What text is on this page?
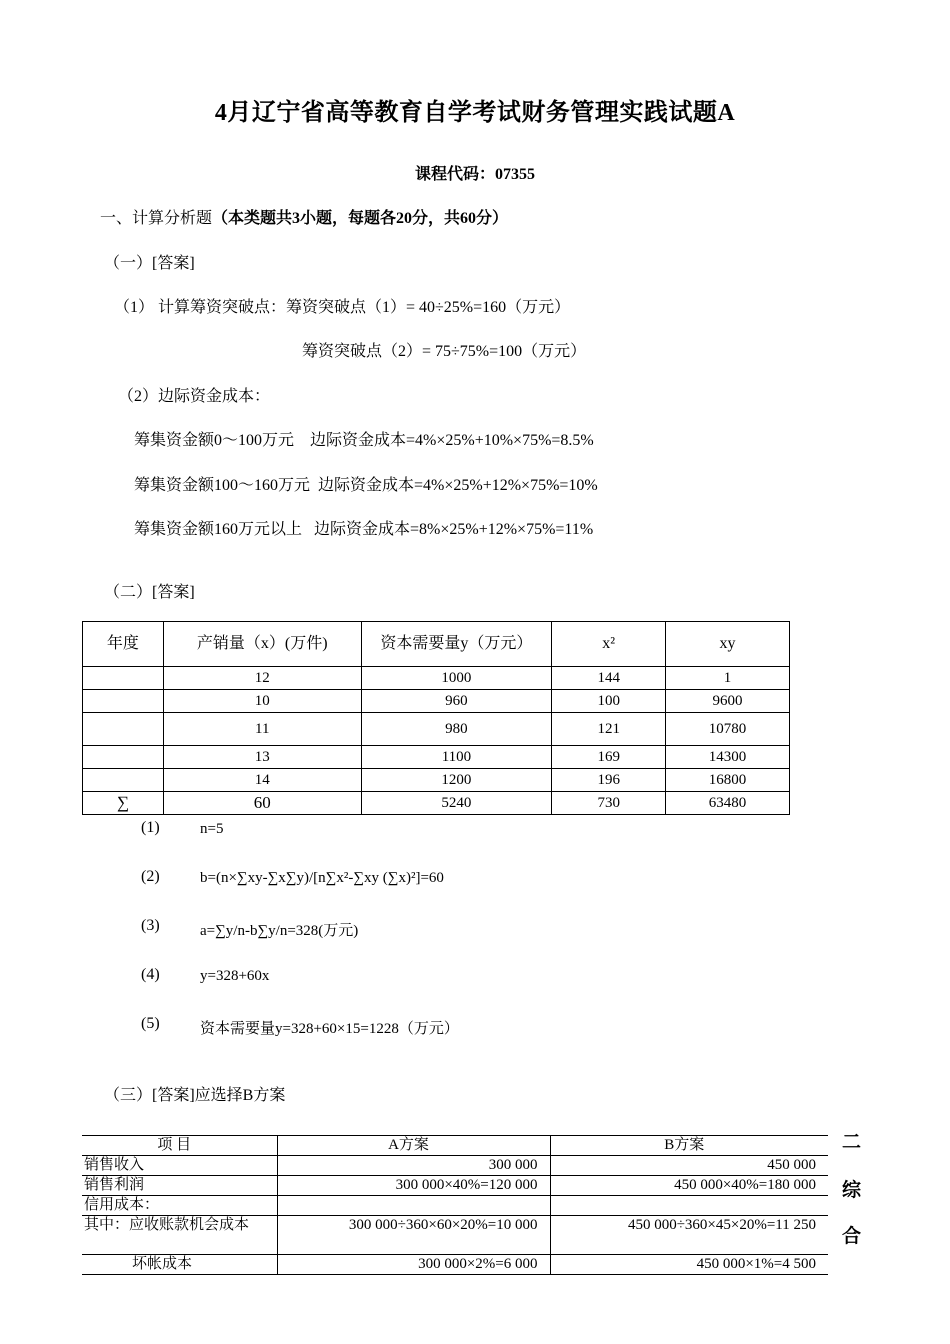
4月辽宁省高等教育自学考试财务管理实践试题A
课程代码：07355
一、计算分析题（本类题共3小题，每题各20分，共60分）
（一）[答案]
（1） 计算筹资突破点：筹资突破点（1）= 40÷25%=160（万元）
筹资突破点（2）= 75÷75%=100（万元）
（2）边际资金成本：
筹集资金额0～100万元    边际资金成本=4%×25%+10%×75%=8.5%
筹集资金额100～160万元  边际资金成本=4%×25%+12%×75%=10%
筹集资金额160万元以上   边际资金成本=8%×25%+12%×75%=11%
（二）[答案]
年度	产销量（x）(万件)	资本需要量y（万元）	x²	xy
	12	1000	144	1
	10	960	100	9600
	11	980	121	10780
	13	1100	169	14300
	14	1200	196	16800
∑	60	5240	730	63480
(1)	n=5
(2)	b=(n×∑xy-∑x∑y)/[n∑x²-∑xy (∑x)²]=60
(3)	a=∑y/n-b∑y/n=328(万元)
(4)	y=328+60x
(5)	资本需要量y=328+60×15=1228（万元）
（三）[答案]应选择B方案
项 目	A方案	B方案
销售收入	300 000	450 000
销售利润	300 000×40%=120 000	450 000×40%=180 000
信用成本：		
其中：应收账款机会成本	300 000÷360×60×20%=10 000	450 000÷360×45×20%=11 250
坏帐成本	300 000×2%=6 000	450 000×1%=4 500
二
综
合
